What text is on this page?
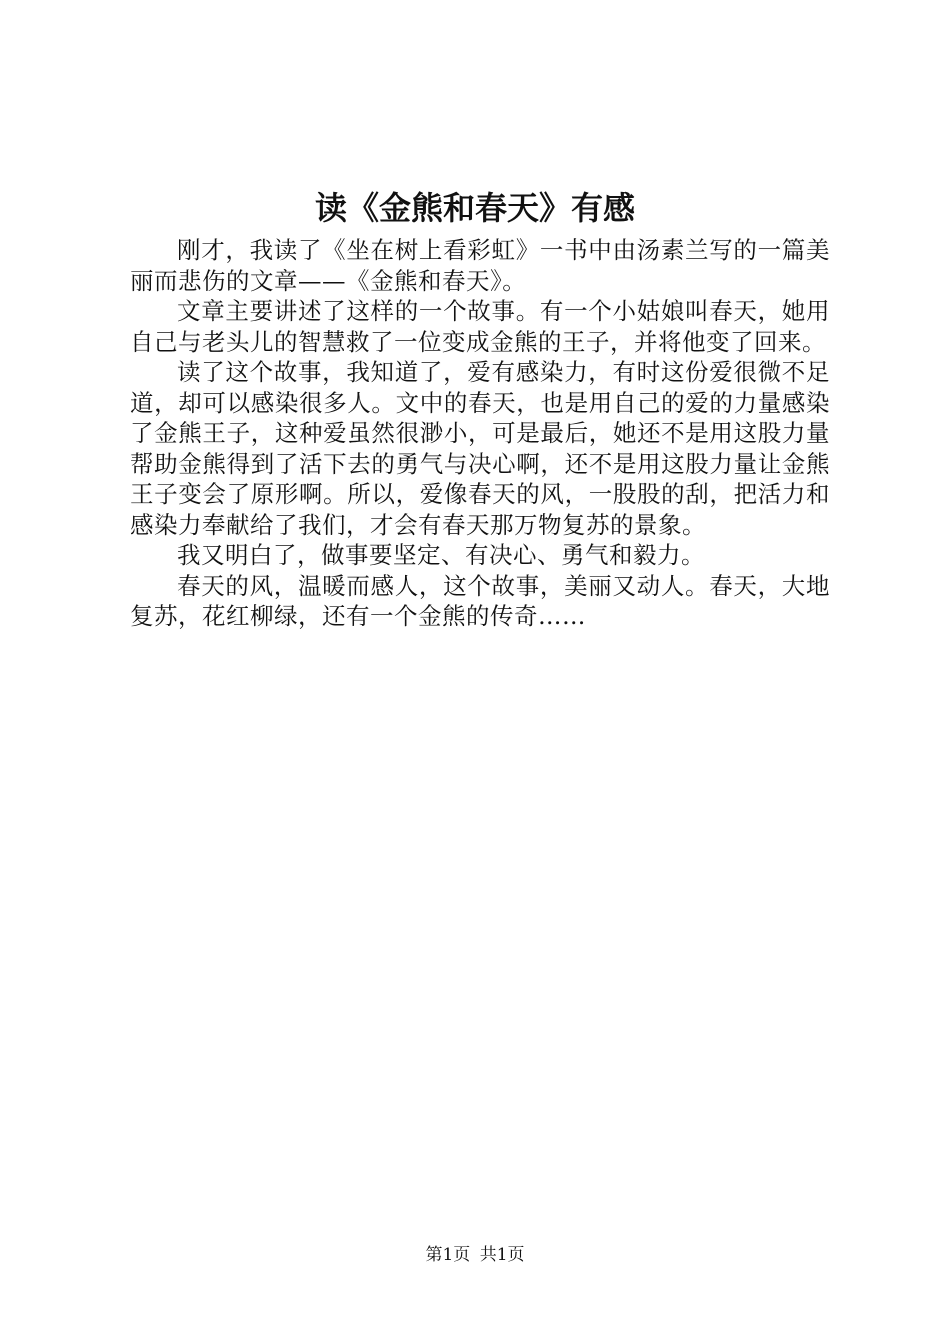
读《金熊和春天》有感

刚才，我读了《坐在树上看彩虹》一书中由汤素兰写的一篇美丽而悲伤的文章——《金熊和春天》。

文章主要讲述了这样的一个故事。有一个小姑娘叫春天，她用自己与老头儿的智慧救了一位变成金熊的王子，并将他变了回来。

读了这个故事，我知道了，爱有感染力，有时这份爱很微不足道，却可以感染很多人。文中的春天，也是用自己的爱的力量感染了金熊王子，这种爱虽然很渺小，可是最后，她还不是用这股力量帮助金熊得到了活下去的勇气与决心啊，还不是用这股力量让金熊王子变会了原形啊。所以，爱像春天的风，一股股的刮，把活力和感染力奉献给了我们，才会有春天那万物复苏的景象。

我又明白了，做事要坚定、有决心、勇气和毅力。

春天的风，温暖而感人，这个故事，美丽又动人。春天，大地复苏，花红柳绿，还有一个金熊的传奇……

第1页 共1页
